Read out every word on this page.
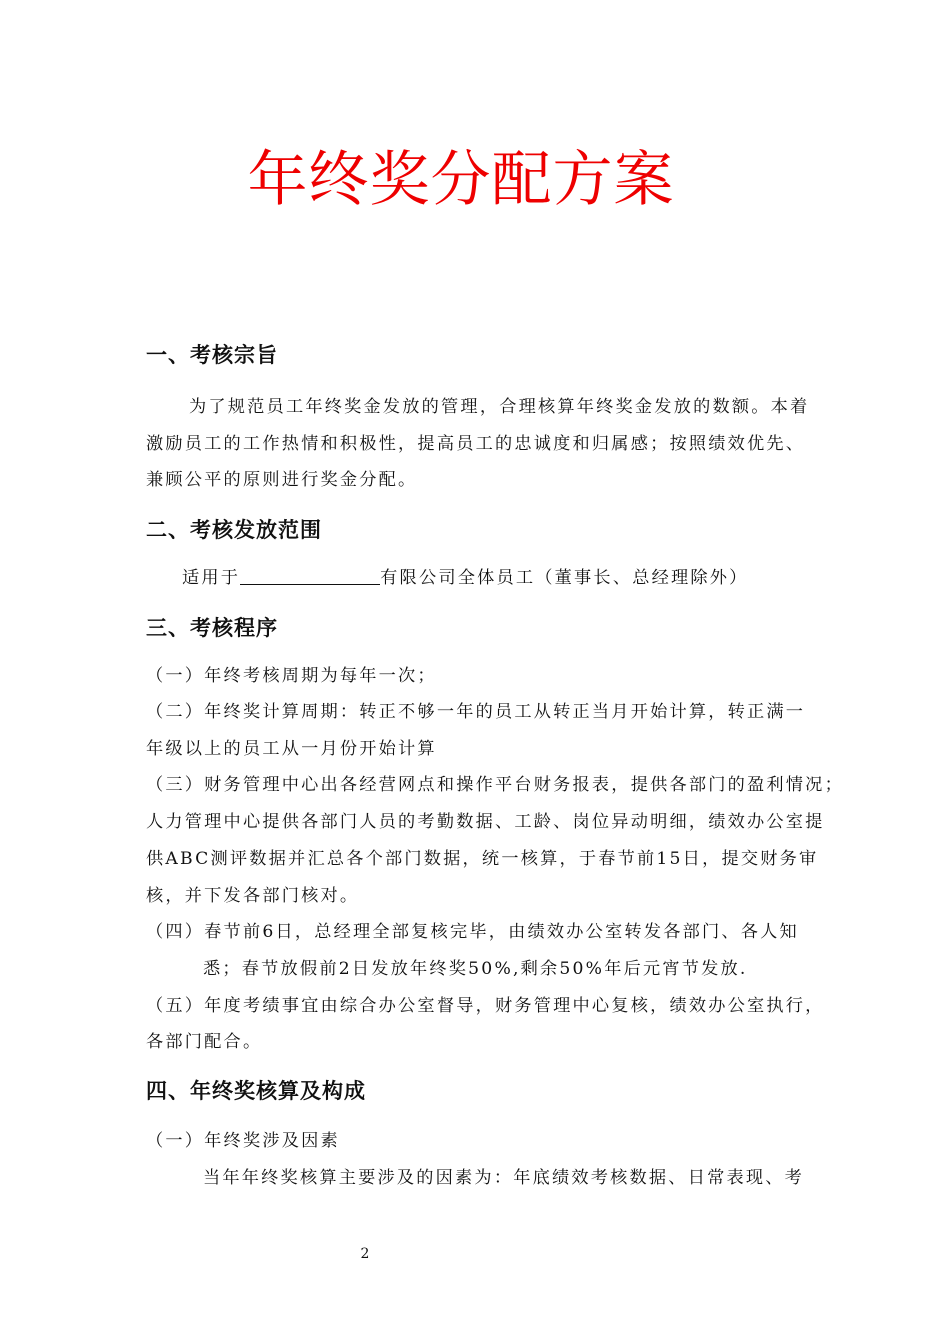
年终奖分配方案
一、考核宗旨
为了规范员工年终奖金发放的管理，合理核算年终奖金发放的数额。本着
激励员工的工作热情和积极性，提高员工的忠诚度和归属感；按照绩效优先、
兼顾公平的原则进行奖金分配。
二、考核发放范围
适用于	有限公司全体员工（董事长、总经理除外）
三、考核程序
（一）年终考核周期为每年一次；
（二）年终奖计算周期：转正不够一年的员工从转正当月开始计算，转正满一
年级以上的员工从一月份开始计算
（三）财务管理中心出各经营网点和操作平台财务报表，提供各部门的盈利情况；
人力管理中心提供各部门人员的考勤数据、工龄、岗位异动明细，绩效办公室提
供ABC测评数据并汇总各个部门数据，统一核算，于春节前15日，提交财务审
核，并下发各部门核对。
（四）春节前6日，总经理全部复核完毕，由绩效办公室转发各部门、各人知
悉；春节放假前2日发放年终奖50%,剩余50%年后元宵节发放.
（五）年度考绩事宜由综合办公室督导，财务管理中心复核，绩效办公室执行，
各部门配合。
四、年终奖核算及构成
（一）年终奖涉及因素
当年年终奖核算主要涉及的因素为：年底绩效考核数据、日常表现、考
2
